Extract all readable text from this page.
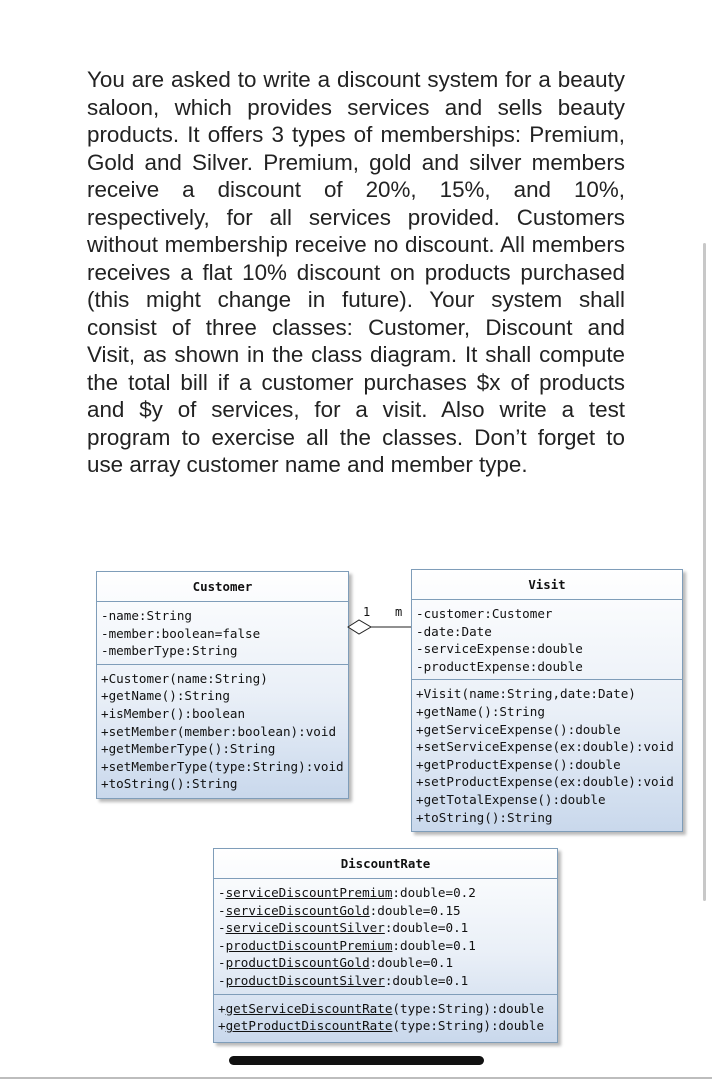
You are asked to write a discount system for a beauty saloon, which provides services and sells beauty products. It offers 3 types of memberships: Premium, Gold and Silver. Premium, gold and silver members receive a discount of 20%, 15%, and 10%, respectively, for all services provided. Customers without membership receive no discount. All members receives a flat 10% discount on products purchased (this might change in future). Your system shall consist of three classes: Customer, Discount and Visit, as shown in the class diagram. It shall compute the total bill if a customer purchases $x of products and $y of services, for a visit. Also write a test program to exercise all the classes. Don’t forget to use array customer name and member type.

Customer
-name:String
-member:boolean=false
-memberType:String
+Customer(name:String)
+getName():String
+isMember():boolean
+setMember(member:boolean):void
+getMemberType():String
+setMemberType(type:String):void
+toString():String
Visit
-customer:Customer
-date:Date
-serviceExpense:double
-productExpense:double
+Visit(name:String,date:Date)
+getName():String
+getServiceExpense():double
+setServiceExpense(ex:double):void
+getProductExpense():double
+setProductExpense(ex:double):void
+getTotalExpense():double
+toString():String
1 m
DiscountRate
-serviceDiscountPremium:double=0.2
-serviceDiscountGold:double=0.15
-serviceDiscountSilver:double=0.1
-productDiscountPremium:double=0.1
-productDiscountGold:double=0.1
-productDiscountSilver:double=0.1
+getServiceDiscountRate(type:String):double
+getProductDiscountRate(type:String):double
